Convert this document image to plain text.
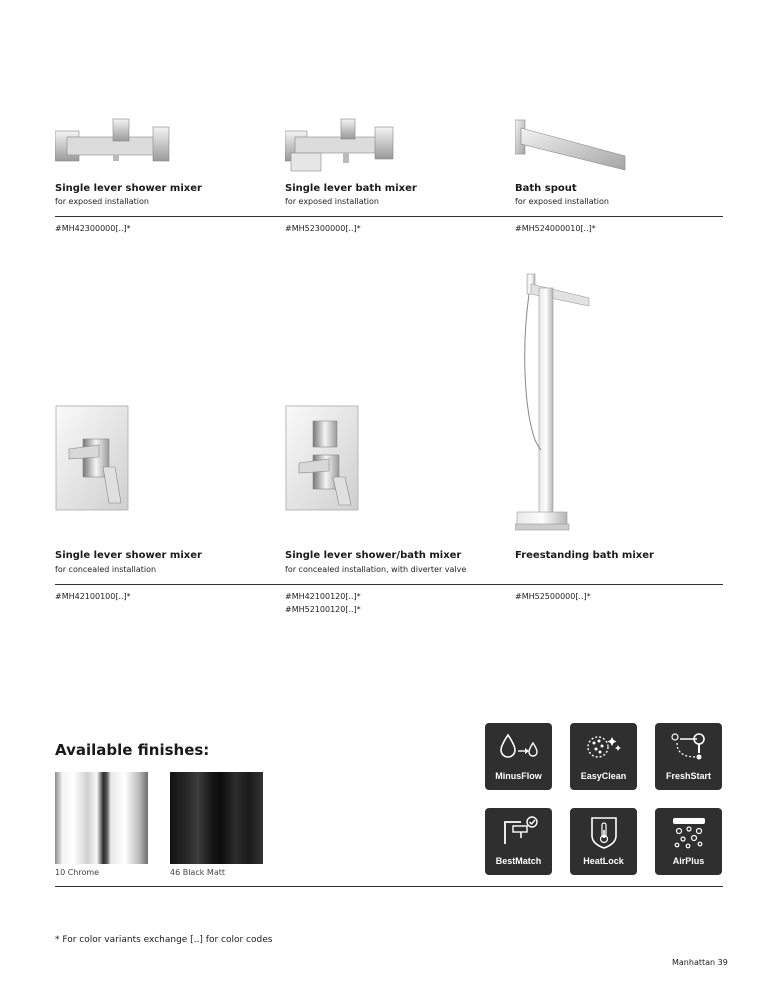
Single lever shower mixer
for exposed installation
Single lever bath mixer
for exposed installation
Bath spout
for exposed installation
#MH42300000[..]*	#MH52300000[..]*	#MH524000010[..]*
Single lever shower mixer
for concealed installation
Single lever shower/bath mixer
for concealed installation, with diverter valve
Freestanding bath mixer
#MH42100100[..]*	#MH42100120[..]*
#MH52100120[..]*
#MH52500000[..]*
Available finishes:
10 Chrome	46 Black Matt
MinusFlow	EasyClean	FreshStart
BestMatch	HeatLock	AirPlus
* For color variants exchange [..] for color codes
Manhattan 39
